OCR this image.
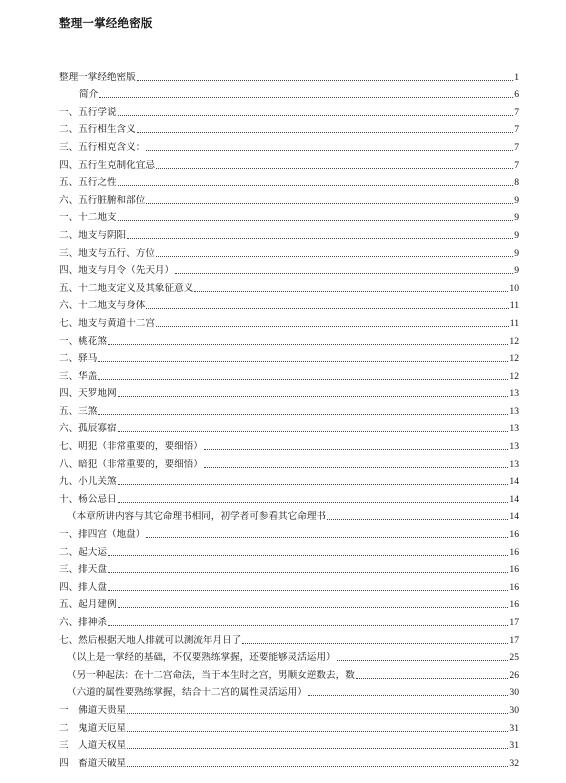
整理一掌经绝密版
整理一掌经绝密版	1
简介	6
一、五行学说	7
二、五行相生含义	7
三、五行相克含义：	7
四、五行生克制化宜忌	7
五、五行之性	8
六、五行脏腑和部位	9
一、十二地支	9
二、地支与阴阳	9
三、地支与五行、方位	9
四、地支与月令（先天月）	9
五、十二地支定义及其象征意义	10
六、十二地支与身体	11
七、地支与黄道十二宫	11
一、桃花煞	12
二、驿马	12
三、华盖	12
四、天罗地网	13
五、三煞	13
六、孤辰寡宿	13
七、明犯（非常重要的，要细悟）	13
八、暗犯（非常重要的，要细悟）	13
九、小儿关煞	14
十、杨公忌日	14
（本章所讲内容与其它命理书相同，初学者可参看其它命理书	14
一、排四宫（地盘）	16
二、起大运	16
三、排天盘	16
四、排人盘	16
五、起月建例	16
六、排神杀	17
七、然后根据天地人排就可以测流年月日了	17
（以上是一掌经的基础，不仅要熟练掌握，还要能够灵活运用）	25
（另一种起法：在十二宫命法，当于本生时之宫，男顺女逆数去，数	26
（六道的属性要熟练掌握，结合十二宫的属性灵活运用）	30
一　佛道天贵星	30
二　鬼道天厄星	31
三　人道天权星	31
四　畜道天破星	32
